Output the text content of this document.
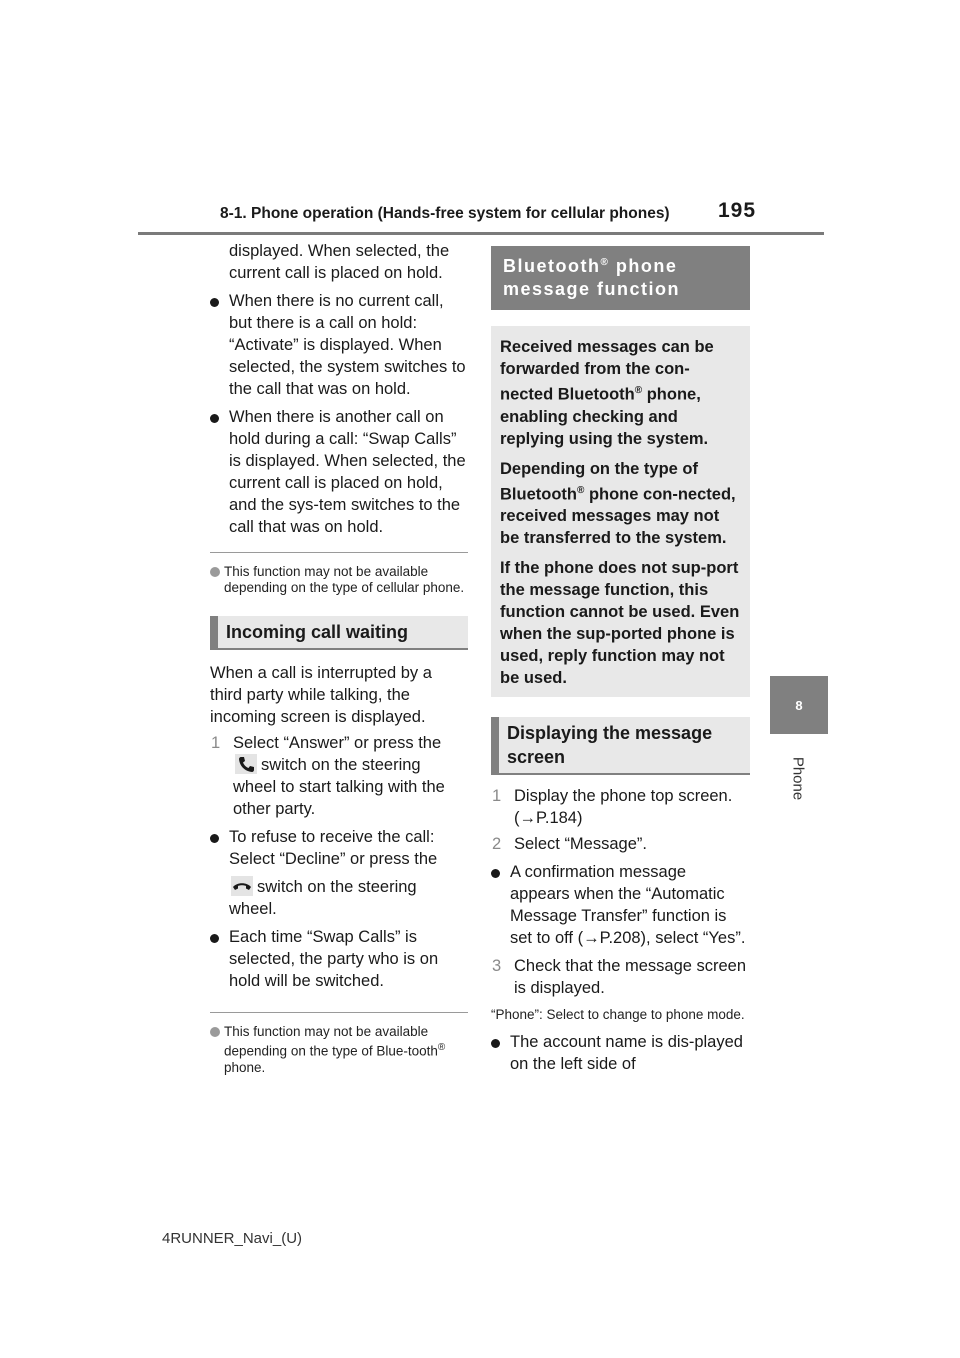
8-1. Phone operation (Hands-free system for cellular phones) 195
8
Phone
displayed. When selected, the current call is placed on hold.
When there is no current call, but there is a call on hold: “Activate” is displayed. When selected, the system switches to the call that was on hold.
When there is another call on hold during a call: “Swap Calls” is displayed. When selected, the current call is placed on hold, and the sys-tem switches to the call that was on hold.
This function may not be available depending on the type of cellular phone.
Incoming call waiting
When a call is interrupted by a third party while talking, the incoming screen is displayed.
1 Select “Answer” or press the
switch on the steering wheel to start talking with the other party.
To refuse to receive the call: Select “Decline” or press the
switch on the steering wheel.
Each time “Swap Calls” is selected, the party who is on hold will be switched.
This function may not be available depending on the type of Blue-tooth® phone.
Bluetooth® phone message function
Received messages can be forwarded from the con-nected Bluetooth® phone, enabling checking and replying using the system.
Depending on the type of Bluetooth® phone con-nected, received messages may not be transferred to the system.
If the phone does not sup-port the message function, this function cannot be used. Even when the sup-ported phone is used, reply function may not be used.
Displaying the message screen
1 Display the phone top screen. (→P.184)
2 Select “Message”.
A confirmation message appears when the “Automatic Message Transfer” function is set to off (→P.208), select “Yes”.
3 Check that the message screen is displayed.
“Phone”: Select to change to phone mode.
The account name is dis-played on the left side of
4RUNNER_Navi_(U)
